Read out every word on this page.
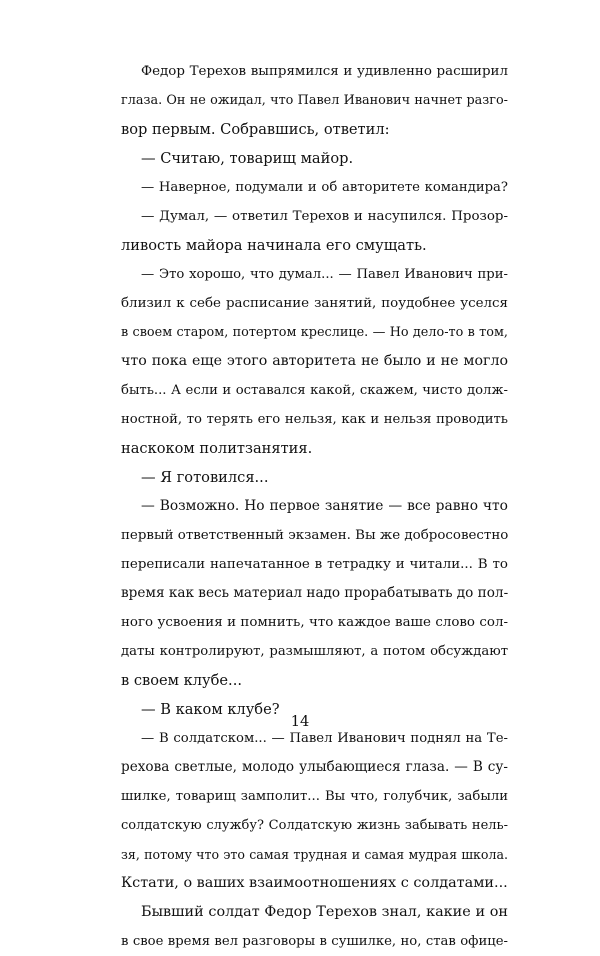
Федор Терехов выпрямился и удивленно расширил
глаза. Он не ожидал, что Павел Иванович начнет разго-
вор первым. Собравшись, ответил:
— Считаю, товарищ майор.
— Наверное, подумали и об авторитете командира?
— Думал, — ответил Терехов и насупился. Прозор-
ливость майора начинала его смущать.
— Это хорошо, что думал... — Павел Иванович при-
близил к себе расписание занятий, поудобнее уселся
в своем старом, потертом креслице. — Но дело-то в том,
что пока еще этого авторитета не было и не могло
быть... А если и оставался какой, скажем, чисто долж-
ностной, то терять его нельзя, как и нельзя проводить
наскоком политзанятия.
— Я готовился...
— Возможно. Но первое занятие — все равно что
первый ответственный экзамен. Вы же добросовестно
переписали напечатанное в тетрадку и читали... В то
время как весь материал надо прорабатывать до пол-
ного усвоения и помнить, что каждое ваше слово сол-
даты контролируют, размышляют, а потом обсуждают
в своем клубе...
— В каком клубе?
— В солдатском... — Павел Иванович поднял на Те-
рехова светлые, молодо улыбающиеся глаза. — В су-
шилке, товарищ замполит... Вы что, голубчик, забыли
солдатскую службу? Солдатскую жизнь забывать нель-
зя, потому что это самая трудная и самая мудрая школа.
Кстати, о ваших взаимоотношениях с солдатами...
Бывший солдат Федор Терехов знал, какие и он
в свое время вел разговоры в сушилке, но, став офице-
14
